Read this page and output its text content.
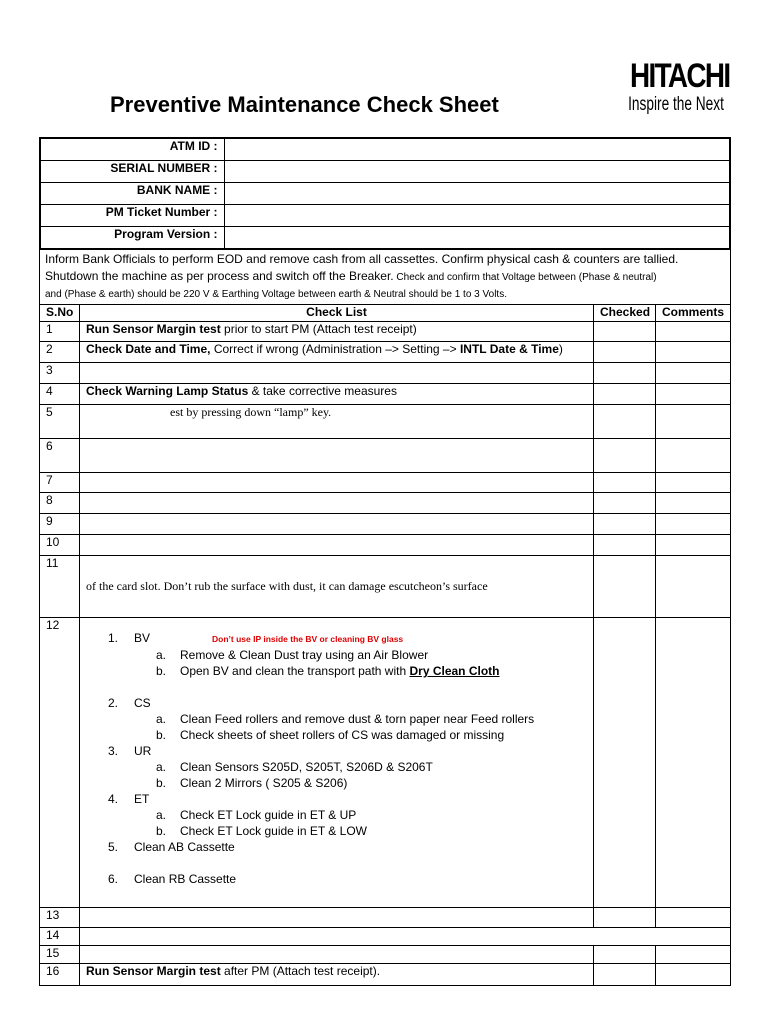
HITACHI
Inspire the Next
Preventive Maintenance Check Sheet
ATM ID :	
SERIAL NUMBER :	
BANK NAME :	
PM Ticket Number :	
Program Version :	

Inform Bank Officials to perform EOD and remove cash from all cassettes. Confirm physical cash & counters are tallied.
Shutdown the machine as per process and switch off the Breaker. Check and confirm that Voltage between (Phase & neutral)
and (Phase & earth) should be 220 V & Earthing Voltage between earth & Neutral should be 1 to 3 Volts.

S.No	Check List	Checked	Comments
1	Run Sensor Margin test prior to start PM (Attach test receipt)		
2	Check Date and Time, Correct if wrong (Administration –> Setting –> INTL Date & Time)		
3			
4	Check Warning Lamp Status & take corrective measures		
5	est by pressing down “lamp” key.		
6			
7			
8			
9			
10			
11	of the card slot. Don’t rub the surface with dust, it can damage escutcheon’s surface		
12	
1. BV	Don’t use IP inside the BV or cleaning BV glass
a. Remove & Clean Dust tray using an Air Blower
b. Open BV and clean the transport path with Dry Clean Cloth
2. CS
a. Clean Feed rollers and remove dust & torn paper near Feed rollers
b. Check sheets of sheet rollers of CS was damaged or missing
3. UR
a. Clean Sensors S205D, S205T, S206D & S206T
b. Clean 2 Mirrors ( S205 & S206)
4. ET
a. Check ET Lock guide in ET & UP
b. Check ET Lock guide in ET & LOW
5. Clean AB Cassette
6. Clean RB Cassette

13			
14	
15			
16	Run Sensor Margin test after PM (Attach test receipt).		
